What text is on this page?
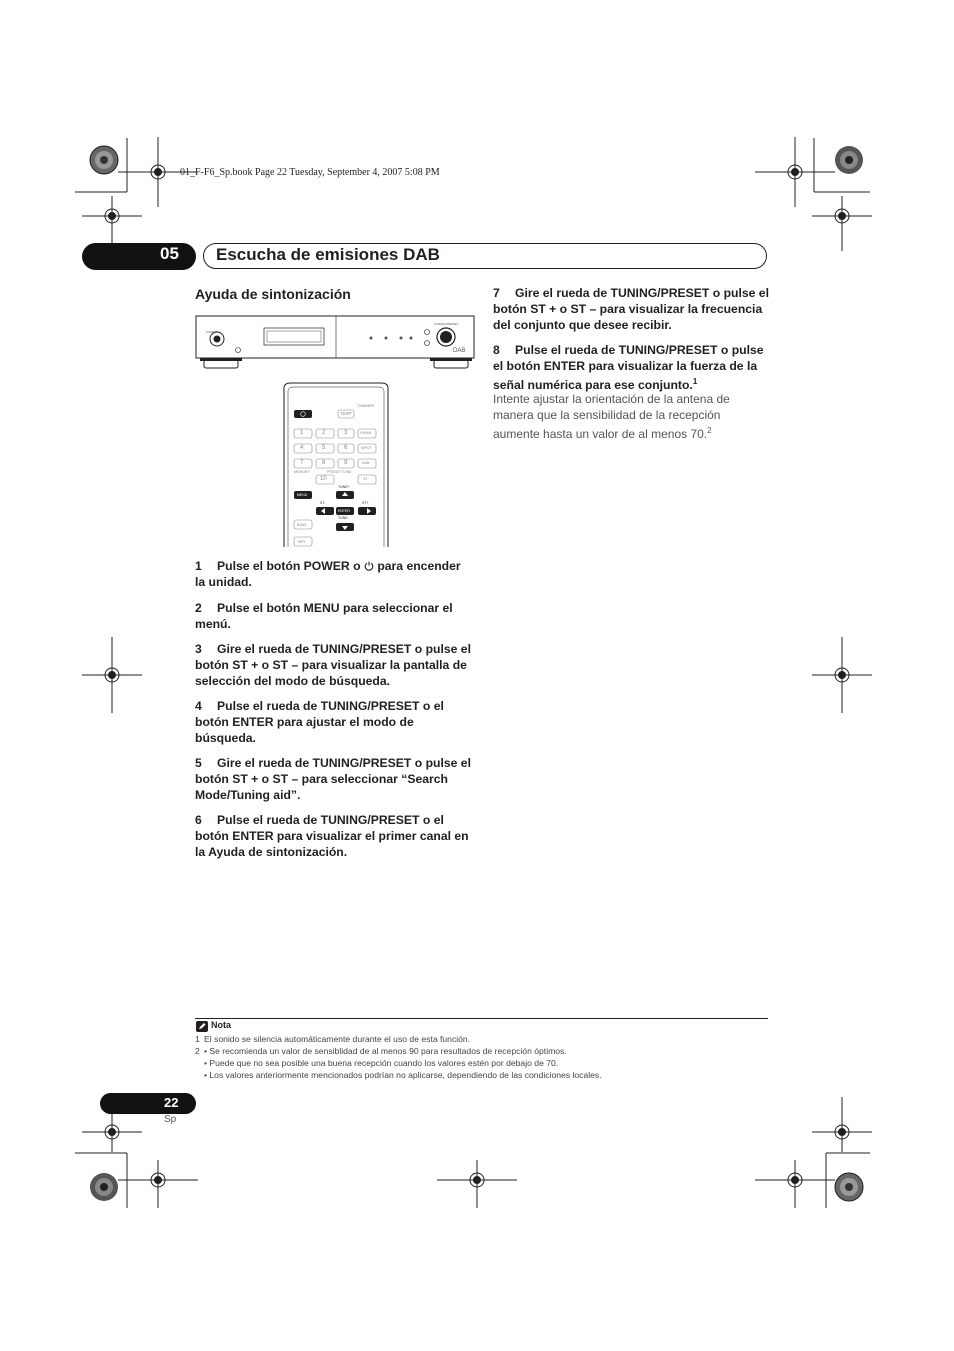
01_F-F6_Sp.book Page 22 Tuesday, September 4, 2007 5:08 PM
05 Escucha de emisiones DAB
Ayuda de sintonización
DAB
POWER
TUNING/PRESET
DIMMER
DISP
1	2	3	FM/AM
4	5	6	INPUT
7	8	9	DAB
MEMORY	PRESET/TUNE
10	ST
MENU
TUNE+
ST-	ST+
ENTER
TUNE-
BAND
MPX
1 Pulse el botón POWER o  para encender la unidad.
2 Pulse el botón MENU para seleccionar el menú.
3 Gire el rueda de TUNING/PRESET o pulse el botón ST + o ST – para visualizar la pantalla de selección del modo de búsqueda.
4 Pulse el rueda de TUNING/PRESET o el botón ENTER para ajustar el modo de búsqueda.
5 Gire el rueda de TUNING/PRESET o pulse el botón ST + o ST – para seleccionar “Search Mode/Tuning aid”.
6 Pulse el rueda de TUNING/PRESET o el botón ENTER para visualizar el primer canal en la Ayuda de sintonización.
7 Gire el rueda de TUNING/PRESET o pulse el botón ST + o ST – para visualizar la frecuencia del conjunto que desee recibir.
8 Pulse el rueda de TUNING/PRESET o pulse el botón ENTER para visualizar la fuerza de la señal numérica para ese conjunto.$^1$
Intente ajustar la orientación de la antena de manera que la sensibilidad de la recepción aumente hasta un valor de al menos 70.$^2$
Nota
1 El sonido se silencia automáticamente durante el uso de esta función.
2 • Se recomienda un valor de sensiblidad de al menos 90 para resultados de recepción óptimos.
• Puede que no sea posible una buena recepción cuando los valores estén por debajo de 70.
• Los valores anteriormente mencionados podrían no aplicarse, dependiendo de las condiciones locales.
22
Sp
